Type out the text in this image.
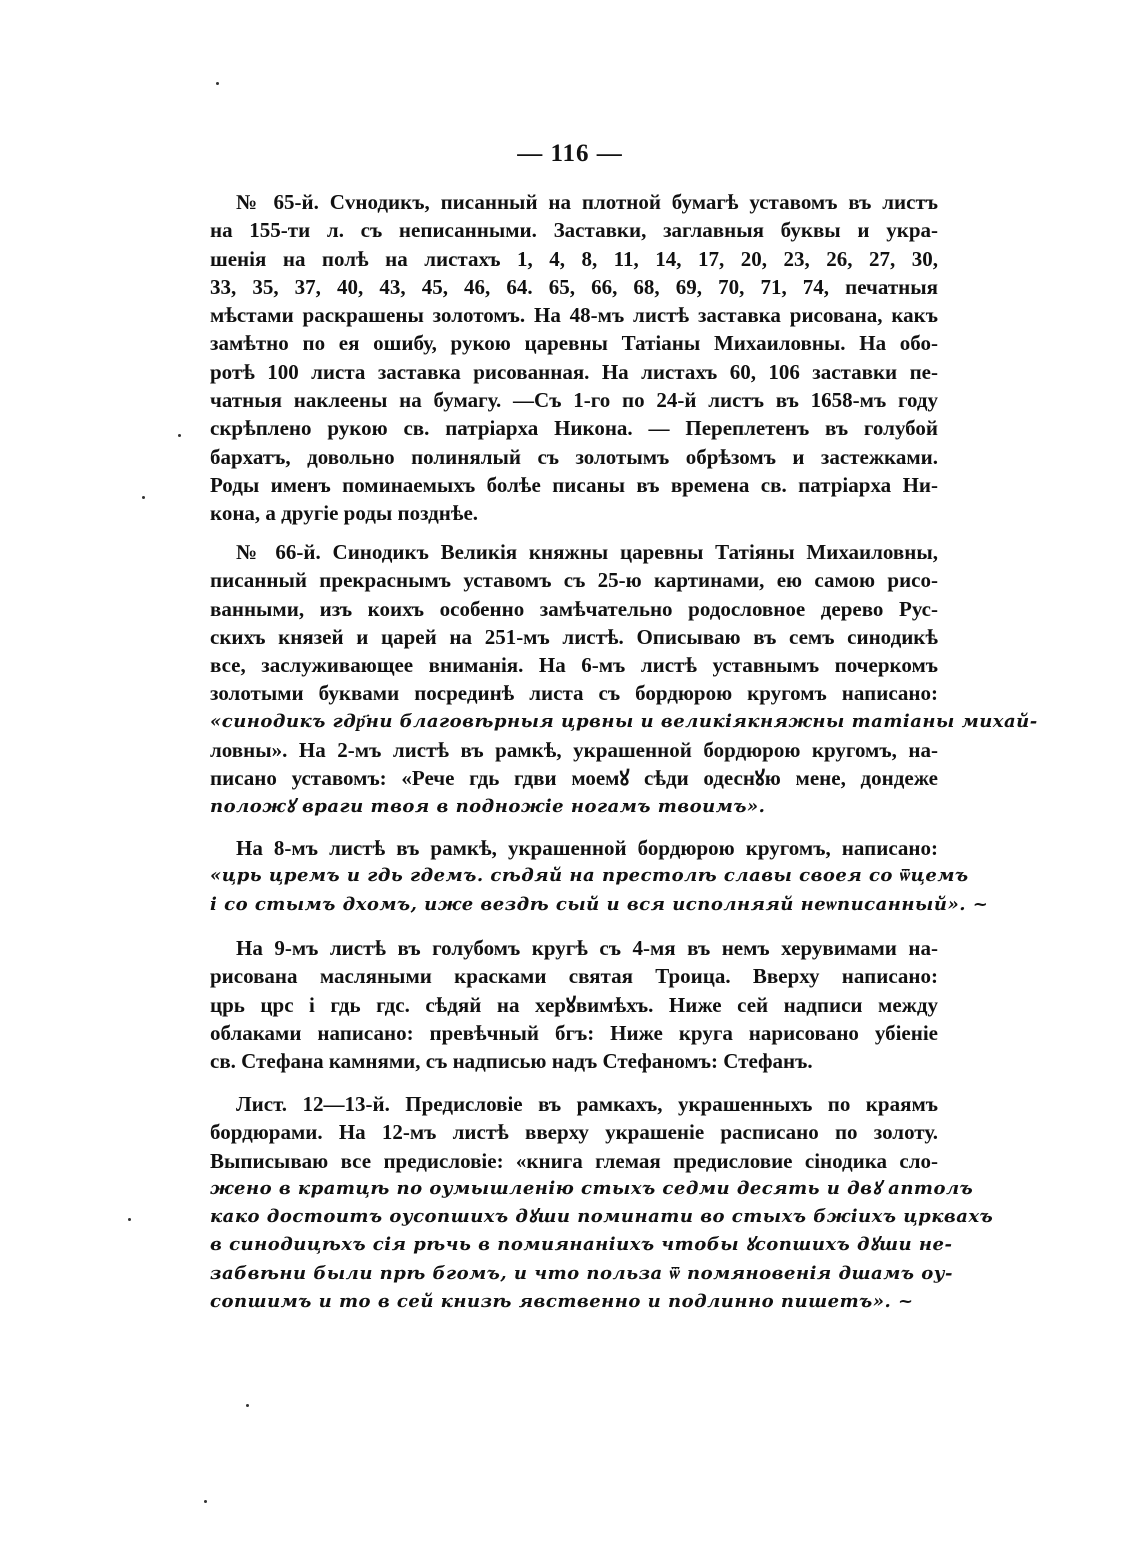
— 116 —

№ 65-й. Сvнодикъ, писанный на плотной бумагѣ уставомъ въ листъ
на 155-ти л. съ неписанными. Заставки, заглавныя буквы и укра-
шенія на полѣ на листахъ 1, 4, 8, 11, 14, 17, 20, 23, 26, 27, 30,
33, 35, 37, 40, 43, 45, 46, 64. 65, 66, 68, 69, 70, 71, 74, печатныя
мѣстами раскрашены золотомъ. На 48-мъ листѣ заставка рисована, какъ
замѣтно по ея ошибу, рукою царевны Татіаны Михаиловны. На обо-
ротѣ 100 листа заставка рисованная. На листахъ 60, 106 заставки пе-
чатныя наклеены на бумагу. —Съ 1-го по 24-й листъ въ 1658-мъ году
скрѣплено рукою св. патріарха Никона. — Переплетенъ въ голубой
бархатъ, довольно полинялый съ золотымъ обрѣзомъ и застежками.
Роды именъ поминаемыхъ болѣе писаны въ времена св. патріарха Ни-
кона, а другіе роды позднѣе.

№ 66-й. Синодикъ Великія княжны царевны Татіяны Михаиловны,
писанный прекраснымъ уставомъ съ 25-ю картинами, ею самою рисо-
ванными, изъ коихъ особенно замѣчательно родословное дерево Рус-
скихъ князей и царей на 251-мъ листѣ. Описываю въ семъ синодикѣ
все, заслуживающее вниманія. На 6-мъ листѣ уставнымъ почеркомъ
золотыми буквами посрединѣ листа съ бордюрою кругомъ написано:
«синодикъ гдр҃ни благовѣрныя црвны и великіякняжны татіаны михай-
ловны». На 2-мъ листѣ въ рамкѣ, украшенной бордюрою кругомъ, на-
писано уставомъ: «Рече гдь гдви моемꙋ сѣди одеснꙋю мене, дондеже
положꙋ враги твоя в подножіе ногамъ твоимъ».

На 8-мъ листѣ въ рамкѣ, украшенной бордюрою кругомъ, написано:
«црь цремъ и гдь гдемъ. сѣдяй на престолѣ славы своея со ѿцемъ
і со стымъ дхомъ, иже вездѣ сый и вся исполняяй неѡписанный». ~

На 9-мъ листѣ въ голубомъ кругѣ съ 4-мя въ немъ херувимами на-
рисована масляными красками святая Троица. Вверху написано:
црь црс і гдь гдс. сѣдяй на херꙋвимѣхъ. Ниже сей надписи между
облаками написано: превѣчный бгъ: Ниже круга нарисовано убіеніе
св. Стефана камнями, съ надписью надъ Стефаномъ: Стефанъ.

Лист. 12—13-й. Предисловіе въ рамкахъ, украшенныхъ по краямъ
бордюрами. На 12-мъ листѣ вверху украшеніе расписано по золоту.
Выписываю все предисловіе: «книга глемая предисловие сінодика сло-
жено в кратцѣ по оумышленію стыхъ седми десять и двꙋ аптолъ
како достоитъ оусопшихъ дꙋши поминати во стыхъ бжіихъ црквахъ
в синодицѣхъ сія рѣчь в помиянаніихъ чтобы ꙋсопшихъ дꙋши не-
забвѣни были прѣ бгомъ, и что польза ѿ помяновенія дшамъ оу-
сопшимъ и то в сей книзѣ явственно и подлинно пишетъ». ~
